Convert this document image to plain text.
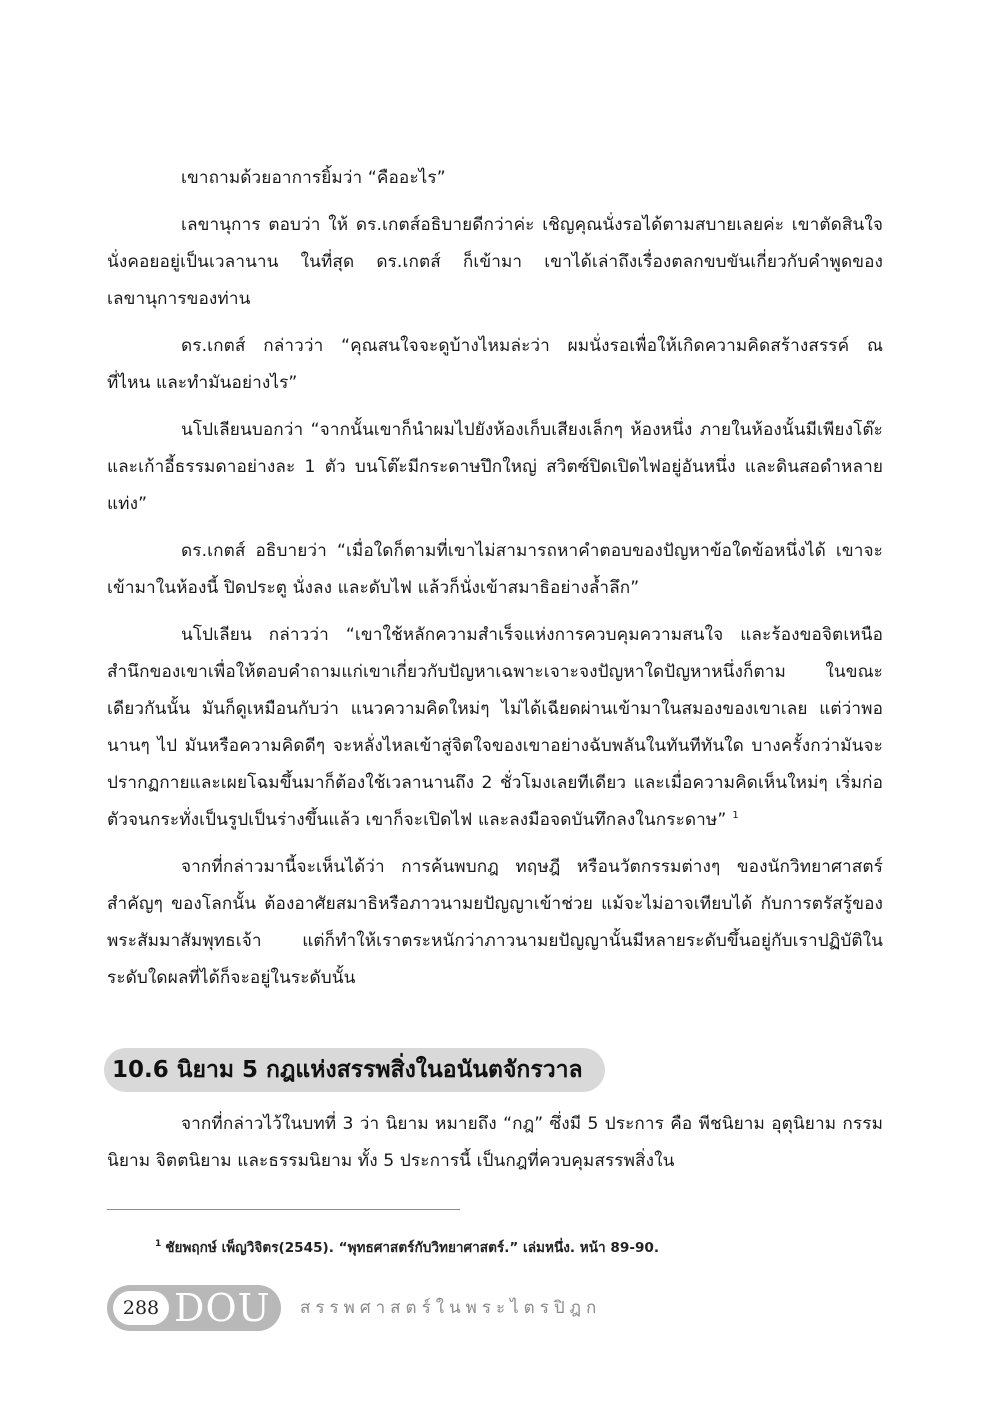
เขาถามด้วยอาการยิ้มว่า “คืออะไร”

เลขานุการ ตอบว่า ให้ ดร.เกตส์อธิบายดีกว่าค่ะ เชิญคุณนั่งรอได้ตามสบายเลยค่ะ เขาตัดสินใจนั่งคอยอยู่เป็นเวลานาน ในที่สุด ดร.เกตส์ ก็เข้ามา เขาได้เล่าถึงเรื่องตลกขบขันเกี่ยวกับคำพูดของเลขานุการของท่าน

ดร.เกตส์ กล่าวว่า “คุณสนใจจะดูบ้างไหมล่ะว่า ผมนั่งรอเพื่อให้เกิดความคิดสร้างสรรค์ ณ ที่ไหน และทำมันอย่างไร”

นโปเลียนบอกว่า “จากนั้นเขาก็นำผมไปยังห้องเก็บเสียงเล็กๆ ห้องหนึ่ง ภายในห้องนั้นมีเพียงโต๊ะและเก้าอี้ธรรมดาอย่างละ 1 ตัว บนโต๊ะมีกระดาษปึกใหญ่ สวิตซ์ปิดเปิดไฟอยู่อันหนึ่ง และดินสอดำหลายแท่ง”

ดร.เกตส์ อธิบายว่า “เมื่อใดก็ตามที่เขาไม่สามารถหาคำตอบของปัญหาข้อใดข้อหนึ่งได้ เขาจะเข้ามาในห้องนี้ ปิดประตู นั่งลง และดับไฟ แล้วก็นั่งเข้าสมาธิอย่างล้ำลึก”

นโปเลียน กล่าวว่า “เขาใช้หลักความสำเร็จแห่งการควบคุมความสนใจ และร้องขอจิตเหนือสำนึกของเขาเพื่อให้ตอบคำถามแก่เขาเกี่ยวกับปัญหาเฉพาะเจาะจงปัญหาใดปัญหาหนึ่งก็ตาม ในขณะเดียวกันนั้น มันก็ดูเหมือนกับว่า แนวความคิดใหม่ๆ ไม่ได้เฉียดผ่านเข้ามาในสมองของเขาเลย แต่ว่าพอนานๆ ไป มันหรือความคิดดีๆ จะหลั่งไหลเข้าสู่จิตใจของเขาอย่างฉับพลันในทันทีทันใด บางครั้งกว่ามันจะปรากฏกายและเผยโฉมขึ้นมาก็ต้องใช้เวลานานถึง 2 ชั่วโมงเลยทีเดียว และเมื่อความคิดเห็นใหม่ๆ เริ่มก่อตัวจนกระทั่งเป็นรูปเป็นร่างขึ้นแล้ว เขาก็จะเปิดไฟ และลงมือจดบันทึกลงในกระดาษ” $^1$

จากที่กล่าวมานี้จะเห็นได้ว่า การค้นพบกฎ ทฤษฎี หรือนวัตกรรมต่างๆ ของนักวิทยาศาสตร์สำคัญๆ ของโลกนั้น ต้องอาศัยสมาธิหรือภาวนามยปัญญาเข้าช่วย แม้จะไม่อาจเทียบได้ กับการตรัสรู้ของพระสัมมาสัมพุทธเจ้า แต่ก็ทำให้เราตระหนักว่าภาวนามยปัญญานั้นมีหลายระดับขึ้นอยู่กับเราปฏิบัติในระดับใดผลที่ได้ก็จะอยู่ในระดับนั้น

10.6 นิยาม 5 กฎแห่งสรรพสิ่งในอนันตจักรวาล

จากที่กล่าวไว้ในบทที่ 3 ว่า นิยาม หมายถึง “กฎ” ซึ่งมี 5 ประการ คือ พีชนิยาม อุตุนิยาม กรรมนิยาม จิตตนิยาม และธรรมนิยาม ทั้ง 5 ประการนี้ เป็นกฎที่ควบคุมสรรพสิ่งใน

$^1$ ชัยพฤกษ์ เพ็ญวิจิตร(2545). “พุทธศาสตร์กับวิทยาศาสตร์.” เล่มหนึ่ง. หน้า 89-90.
288 DOU สรรพศาสตร์ในพระไตรปิฎก
